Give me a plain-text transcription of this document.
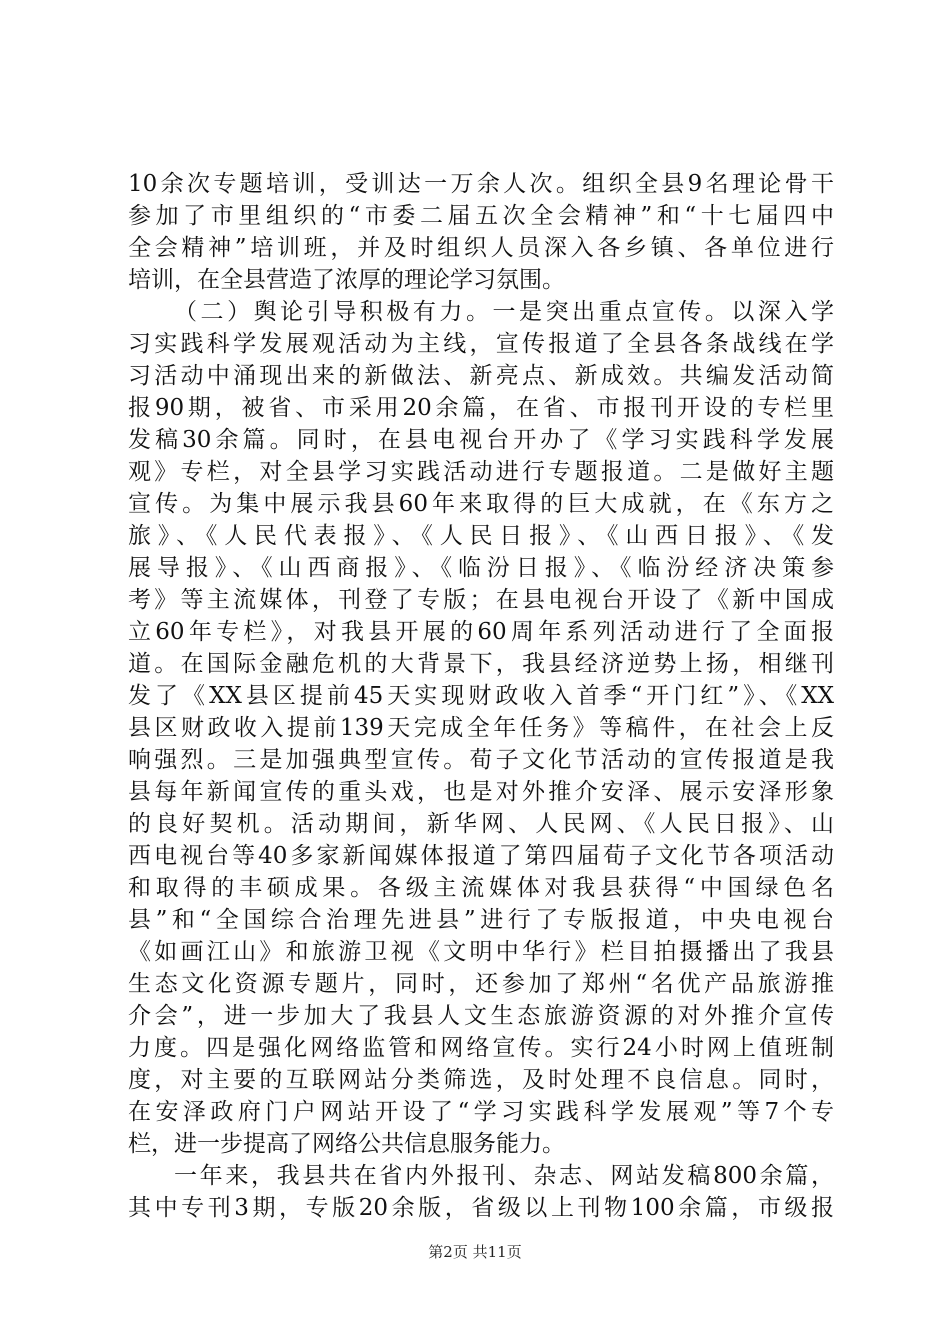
10余次专题培训，受训达一万余人次。组织全县9名理论骨干
参加了市里组织的“市委二届五次全会精神”和“十七届四中
全会精神”培训班，并及时组织人员深入各乡镇、各单位进行
培训，在全县营造了浓厚的理论学习氛围。
（二）舆论引导积极有力。一是突出重点宣传。以深入学
习实践科学发展观活动为主线，宣传报道了全县各条战线在学
习活动中涌现出来的新做法、新亮点、新成效。共编发活动简
报90期，被省、市采用20余篇，在省、市报刊开设的专栏里
发稿30余篇。同时，在县电视台开办了《学习实践科学发展
观》专栏，对全县学习实践活动进行专题报道。二是做好主题
宣传。为集中展示我县60年来取得的巨大成就，在《东方之
旅》、《人民代表报》、《人民日报》、《山西日报》、《发
展导报》、《山西商报》、《临汾日报》、《临汾经济决策参
考》等主流媒体，刊登了专版；在县电视台开设了《新中国成
立60年专栏》，对我县开展的60周年系列活动进行了全面报
道。在国际金融危机的大背景下，我县经济逆势上扬，相继刊
发了《XX县区提前45天实现财政收入首季“开门红”》、《XX
县区财政收入提前139天完成全年任务》等稿件，在社会上反
响强烈。三是加强典型宣传。荀子文化节活动的宣传报道是我
县每年新闻宣传的重头戏，也是对外推介安泽、展示安泽形象
的良好契机。活动期间，新华网、人民网、《人民日报》、山
西电视台等40多家新闻媒体报道了第四届荀子文化节各项活动
和取得的丰硕成果。各级主流媒体对我县获得“中国绿色名
县”和“全国综合治理先进县”进行了专版报道，中央电视台
《如画江山》和旅游卫视《文明中华行》栏目拍摄播出了我县
生态文化资源专题片，同时，还参加了郑州“名优产品旅游推
介会”，进一步加大了我县人文生态旅游资源的对外推介宣传
力度。四是强化网络监管和网络宣传。实行24小时网上值班制
度，对主要的互联网站分类筛选，及时处理不良信息。同时，
在安泽政府门户网站开设了“学习实践科学发展观”等7个专
栏，进一步提高了网络公共信息服务能力。
一年来，我县共在省内外报刊、杂志、网站发稿800余篇，
其中专刊3期，专版20余版，省级以上刊物100余篇，市级报
第2页 共11页
